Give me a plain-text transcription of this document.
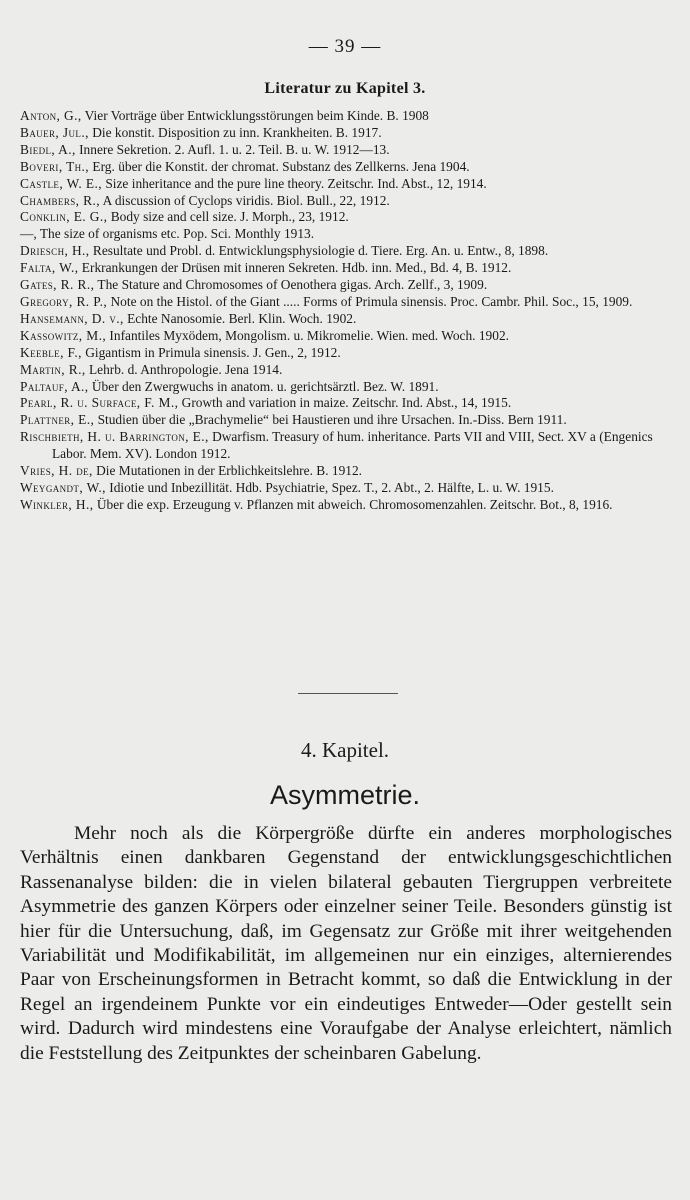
— 39 —
Literatur zu Kapitel 3.
Anton, G., Vier Vorträge über Entwicklungsstörungen beim Kinde. B. 1908
Bauer, Jul., Die konstit. Disposition zu inn. Krankheiten. B. 1917.
Biedl, A., Innere Sekretion. 2. Aufl. 1. u. 2. Teil. B. u. W. 1912—13.
Boveri, Th., Erg. über die Konstit. der chromat. Substanz des Zellkerns. Jena 1904.
Castle, W. E., Size inheritance and the pure line theory. Zeitschr. Ind. Abst., 12, 1914.
Chambers, R., A discussion of Cyclops viridis. Biol. Bull., 22, 1912.
Conklin, E. G., Body size and cell size. J. Morph., 23, 1912.
—, The size of organisms etc. Pop. Sci. Monthly 1913.
Driesch, H., Resultate und Probl. d. Entwicklungsphysiologie d. Tiere. Erg. An. u. Entw., 8, 1898.
Falta, W., Erkrankungen der Drüsen mit inneren Sekreten. Hdb. inn. Med., Bd. 4, B. 1912.
Gates, R. R., The Stature and Chromosomes of Oenothera gigas. Arch. Zellf., 3, 1909.
Gregory, R. P., Note on the Histol. of the Giant ..... Forms of Primula sinensis. Proc. Cambr. Phil. Soc., 15, 1909.
Hansemann, D. v., Echte Nanosomie. Berl. Klin. Woch. 1902.
Kassowitz, M., Infantiles Myxödem, Mongolism. u. Mikromelie. Wien. med. Woch. 1902.
Keeble, F., Gigantism in Primula sinensis. J. Gen., 2, 1912.
Martin, R., Lehrb. d. Anthropologie. Jena 1914.
Paltauf, A., Über den Zwergwuchs in anatom. u. gerichtsärztl. Bez. W. 1891.
Pearl, R. u. Surface, F. M., Growth and variation in maize. Zeitschr. Ind. Abst., 14, 1915.
Plattner, E., Studien über die „Brachymelie“ bei Haustieren und ihre Ursachen. In.-Diss. Bern 1911.
Rischbieth, H. u. Barrington, E., Dwarfism. Treasury of hum. inheritance. Parts VII and VIII, Sect. XV a (Engenics Labor. Mem. XV). London 1912.
Vries, H. de, Die Mutationen in der Erblichkeitslehre. B. 1912.
Weygandt, W., Idiotie und Inbezillität. Hdb. Psychiatrie, Spez. T., 2. Abt., 2. Hälfte, L. u. W. 1915.
Winkler, H., Über die exp. Erzeugung v. Pflanzen mit abweich. Chromosomenzahlen. Zeitschr. Bot., 8, 1916.
4. Kapitel.
Asymmetrie.
Mehr noch als die Körpergröße dürfte ein anderes morphologisches Verhältnis einen dankbaren Gegenstand der entwicklungsgeschichtlichen Rassenanalyse bilden: die in vielen bilateral gebauten Tiergruppen verbreitete Asymmetrie des ganzen Körpers oder einzelner seiner Teile. Besonders günstig ist hier für die Untersuchung, daß, im Gegensatz zur Größe mit ihrer weitgehenden Variabilität und Modifikabilität, im allgemeinen nur ein einziges, alternierendes Paar von Erscheinungsformen in Betracht kommt, so daß die Entwicklung in der Regel an irgendeinem Punkte vor ein eindeutiges Entweder—Oder gestellt sein wird. Dadurch wird mindestens eine Voraufgabe der Analyse erleichtert, nämlich die Feststellung des Zeitpunktes der scheinbaren Gabelung.
